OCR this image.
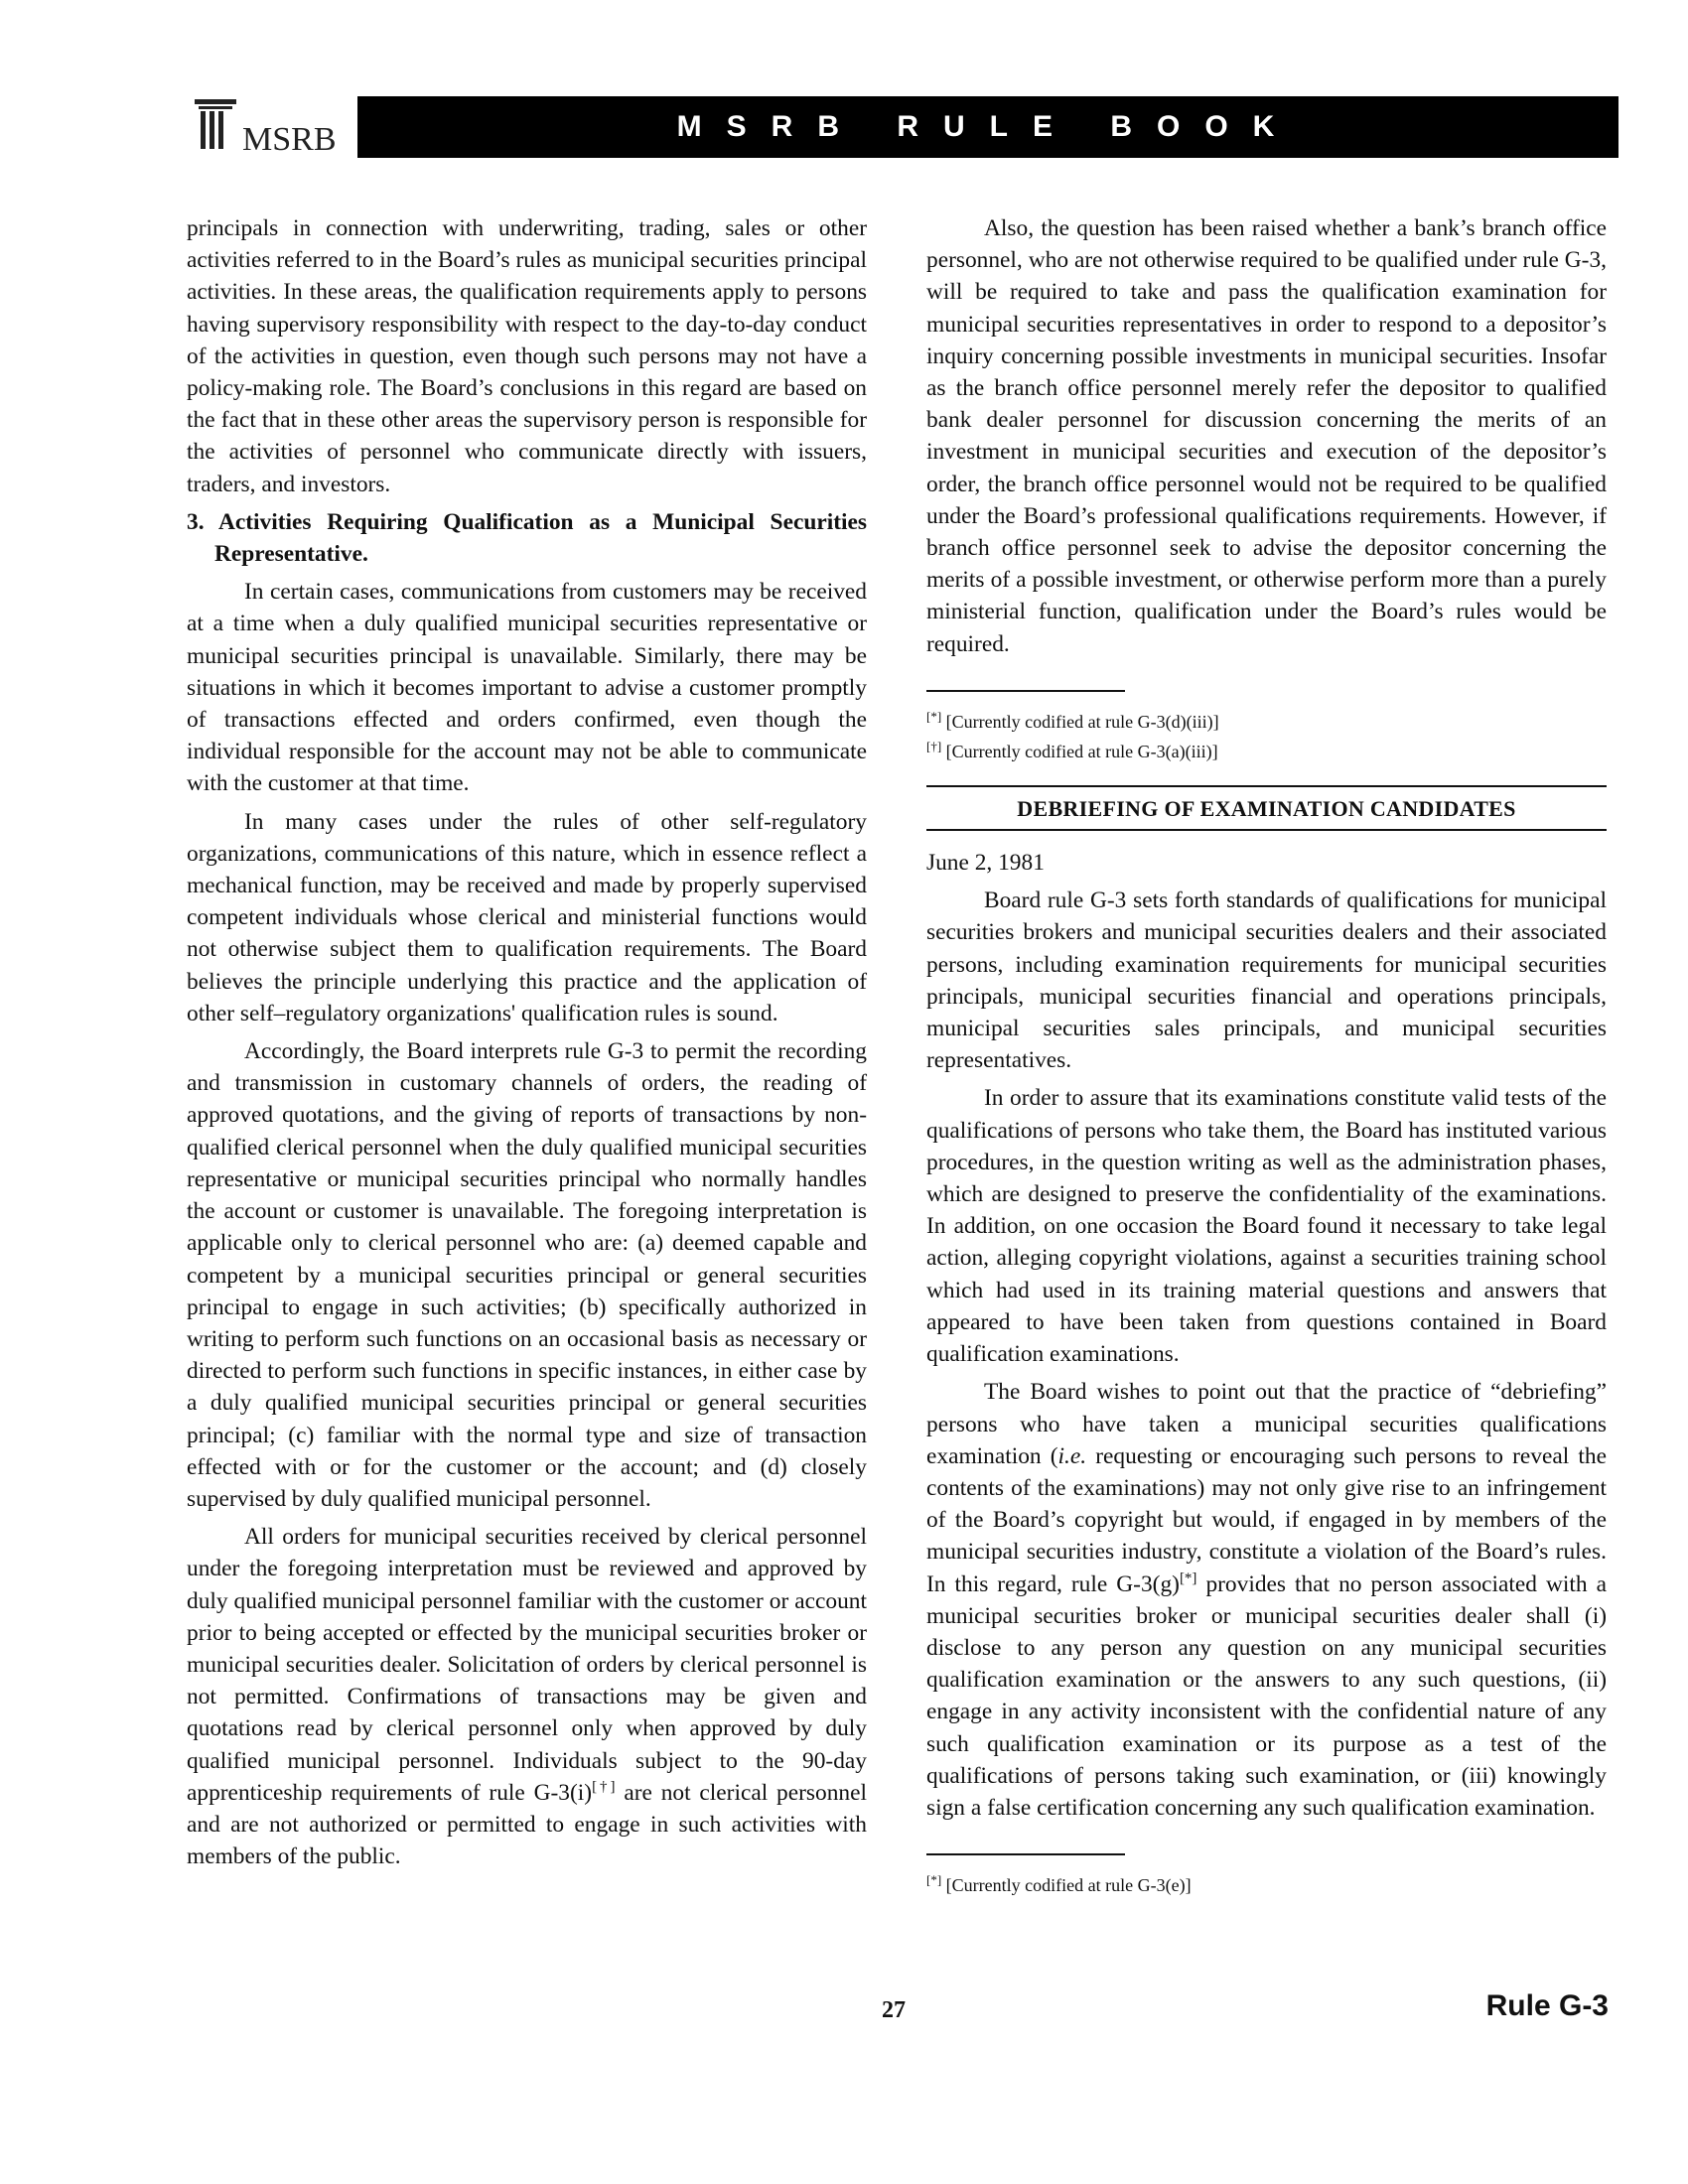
MSRB	MSRB RULE BOOK

principals in connection with underwriting, trading, sales or other activities referred to in the Board’s rules as municipal securities principal activities. In these areas, the qualification requirements apply to persons having supervisory responsibility with respect to the day-to-day conduct of the activities in question, even though such persons may not have a policy-making role. The Board’s conclusions in this regard are based on the fact that in these other areas the supervisory person is responsible for the activities of personnel who communicate directly with issuers, traders, and investors.

3. Activities Requiring Qualification as a Municipal Securities Representative.

In certain cases, communications from customers may be received at a time when a duly qualified municipal securities representative or municipal securities principal is unavailable. Similarly, there may be situations in which it becomes important to advise a customer promptly of transactions effected and orders confirmed, even though the individual responsible for the account may not be able to communicate with the customer at that time.

In many cases under the rules of other self-regulatory organizations, communications of this nature, which in essence reflect a mechanical function, may be received and made by properly supervised competent individuals whose clerical and ministerial functions would not otherwise subject them to qualification requirements. The Board believes the principle underlying this practice and the application of other self–regulatory organizations' qualification rules is sound.

Accordingly, the Board interprets rule G-3 to permit the recording and transmission in customary channels of orders, the reading of approved quotations, and the giving of reports of transactions by non-qualified clerical personnel when the duly qualified municipal securities representative or municipal securities principal who normally handles the account or customer is unavailable. The foregoing interpretation is applicable only to clerical personnel who are: (a) deemed capable and competent by a municipal securities principal or general securities principal to engage in such activities; (b) specifically authorized in writing to perform such functions on an occasional basis as necessary or directed to perform such functions in specific instances, in either case by a duly qualified municipal securities principal or general securities principal; (c) familiar with the normal type and size of transaction effected with or for the customer or the account; and (d) closely supervised by duly qualified municipal personnel.

All orders for municipal securities received by clerical personnel under the foregoing interpretation must be reviewed and approved by duly qualified municipal personnel familiar with the customer or account prior to being accepted or effected by the municipal securities broker or municipal securities dealer. Solicitation of orders by clerical personnel is not permitted. Confirmations of transactions may be given and quotations read by clerical personnel only when approved by duly qualified municipal personnel. Individuals subject to the 90-day apprenticeship requirements of rule G-3(i)[†] are not clerical personnel and are not authorized or permitted to engage in such activities with members of the public.

Also, the question has been raised whether a bank’s branch office personnel, who are not otherwise required to be qualified under rule G-3, will be required to take and pass the qualification examination for municipal securities representatives in order to respond to a depositor’s inquiry concerning possible investments in municipal securities. Insofar as the branch office personnel merely refer the depositor to qualified bank dealer personnel for discussion concerning the merits of an investment in municipal securities and execution of the depositor’s order, the branch office personnel would not be required to be qualified under the Board’s professional qualifications requirements. However, if branch office personnel seek to advise the depositor concerning the merits of a possible investment, or otherwise perform more than a purely ministerial function, qualification under the Board’s rules would be required.

[*] [Currently codified at rule G-3(d)(iii)]

[†] [Currently codified at rule G-3(a)(iii)]

DEBRIEFING OF EXAMINATION CANDIDATES

June 2, 1981

Board rule G-3 sets forth standards of qualifications for municipal securities brokers and municipal securities dealers and their associated persons, including examination requirements for municipal securities principals, municipal securities financial and operations principals, municipal securities sales principals, and municipal securities representatives.

In order to assure that its examinations constitute valid tests of the qualifications of persons who take them, the Board has instituted various procedures, in the question writing as well as the administration phases, which are designed to preserve the confidentiality of the examinations. In addition, on one occasion the Board found it necessary to take legal action, alleging copyright violations, against a securities training school which had used in its training material questions and answers that appeared to have been taken from questions contained in Board qualification examinations.

The Board wishes to point out that the practice of “debriefing” persons who have taken a municipal securities qualifications examination (i.e. requesting or encouraging such persons to reveal the contents of the examinations) may not only give rise to an infringement of the Board’s copyright but would, if engaged in by members of the municipal securities industry, constitute a violation of the Board’s rules. In this regard, rule G-3(g)[*] provides that no person associated with a municipal securities broker or municipal securities dealer shall (i) disclose to any person any question on any municipal securities qualification examination or the answers to any such questions, (ii) engage in any activity inconsistent with the confidential nature of any such qualification examination or its purpose as a test of the qualifications of persons taking such examination, or (iii) knowingly sign a false certification concerning any such qualification examination.

[*] [Currently codified at rule G-3(e)]

27	Rule G-3
